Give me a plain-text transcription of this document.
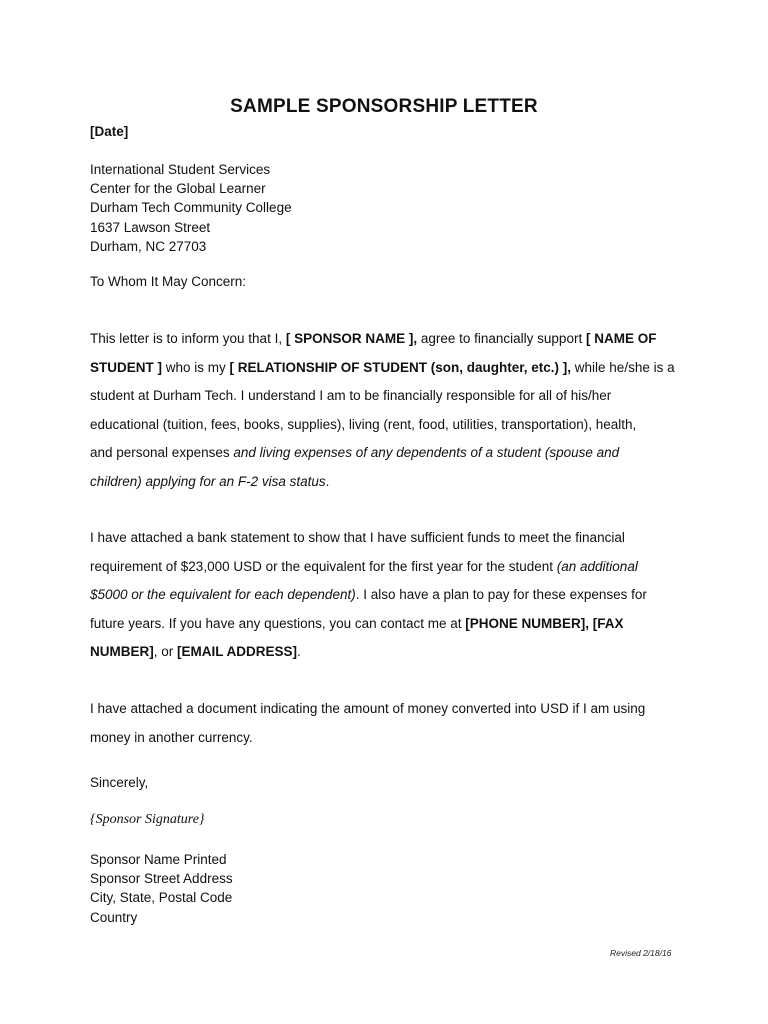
SAMPLE SPONSORSHIP LETTER
[Date]
International Student Services
Center for the Global Learner
Durham Tech Community College
1637 Lawson Street
Durham, NC 27703
To Whom It May Concern:
This letter is to inform you that I, [ SPONSOR NAME ], agree to financially support [ NAME OF
STUDENT ] who is my [ RELATIONSHIP OF STUDENT (son, daughter, etc.) ], while he/she is a
student at Durham Tech. I understand I am to be financially responsible for all of his/her
educational (tuition, fees, books, supplies), living (rent, food, utilities, transportation), health,
and personal expenses and living expenses of any dependents of a student (spouse and
children) applying for an F-2 visa status.
I have attached a bank statement to show that I have sufficient funds to meet the financial
requirement of $23,000 USD or the equivalent for the first year for the student (an additional
$5000 or the equivalent for each dependent). I also have a plan to pay for these expenses for
future years. If you have any questions, you can contact me at [PHONE NUMBER], [FAX
NUMBER], or [EMAIL ADDRESS].
I have attached a document indicating the amount of money converted into USD if I am using
money in another currency.
Sincerely,
{Sponsor Signature}
Sponsor Name Printed
Sponsor Street Address
City, State, Postal Code
Country
Revised 2/18/16
